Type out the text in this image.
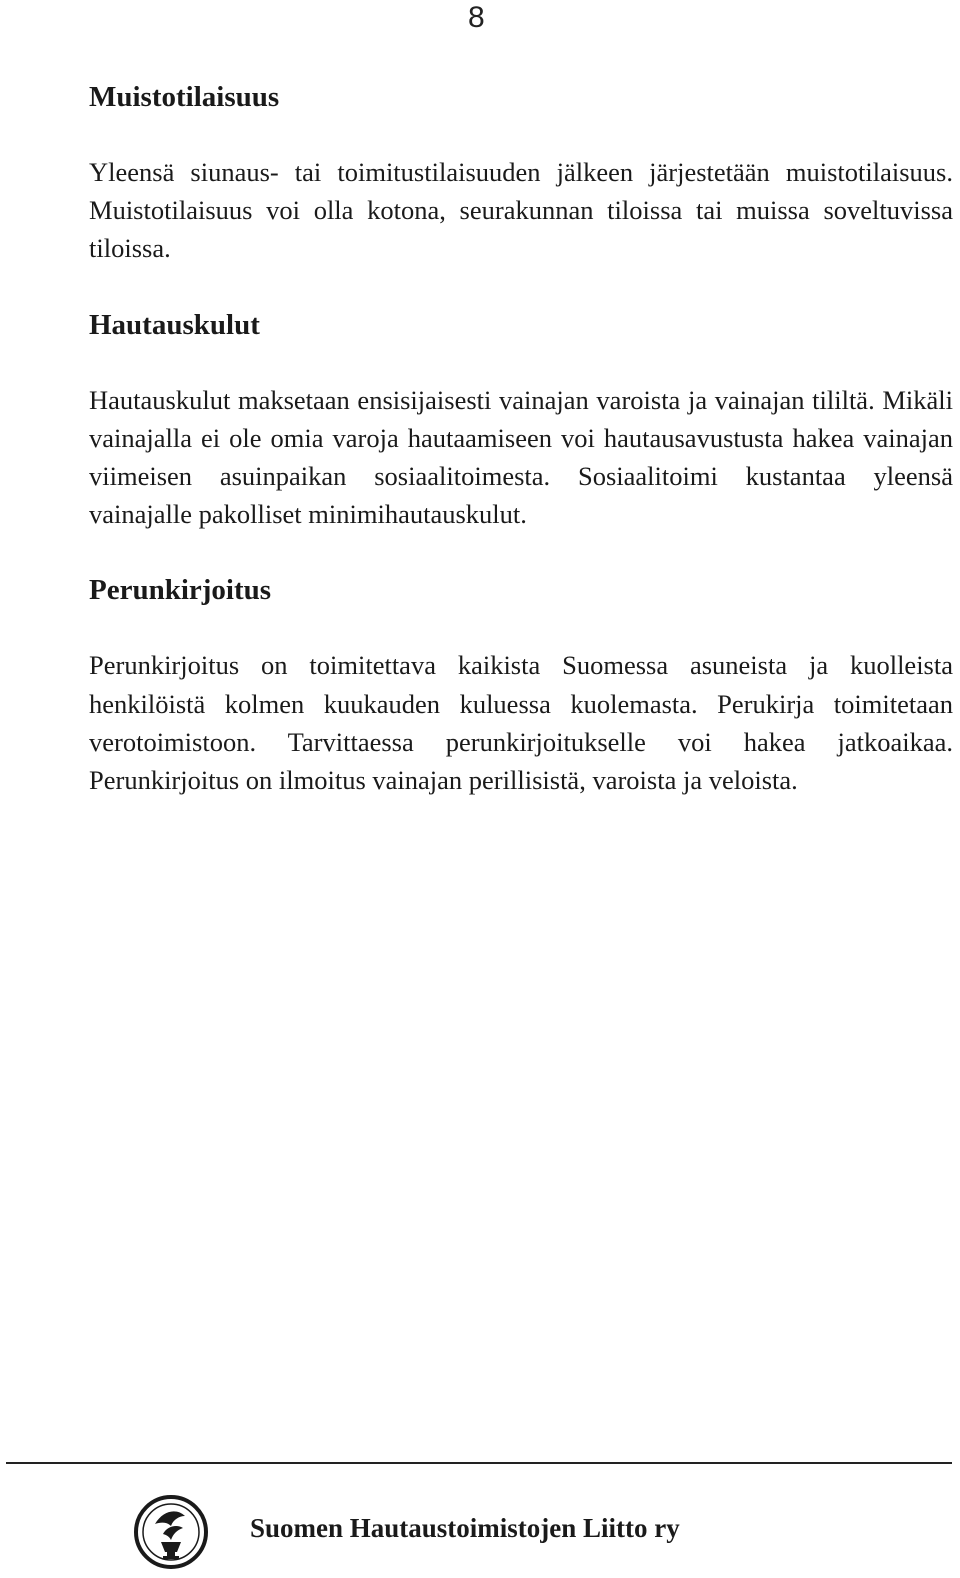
8
Muistotilaisuus

Yleensä siunaus- tai toimitustilaisuuden jälkeen järjestetään muistotilaisuus. Muistotilaisuus voi olla kotona, seurakunnan tiloissa tai muissa soveltuvissa tiloissa.

Hautauskulut

Hautauskulut maksetaan ensisijaisesti vainajan varoista ja vainajan tililtä. Mikäli vainajalla ei ole omia varoja hautaamiseen voi hautausavustusta hakea vainajan viimeisen asuinpaikan sosiaalitoimesta. Sosiaalitoimi kustantaa yleensä vainajalle pakolliset minimihautauskulut.

Perunkirjoitus

Perunkirjoitus on toimitettava kaikista Suomessa asuneista ja kuolleista henkilöistä kolmen kuukauden kuluessa kuolemasta. Perukirja toimitetaan verotoimistoon. Tarvittaessa perunkirjoitukselle voi hakea jatkoaikaa. Perunkirjoitus on ilmoitus vainajan perillisistä, varoista ja veloista.

Suomen Hautaustoimistojen Liitto ry
